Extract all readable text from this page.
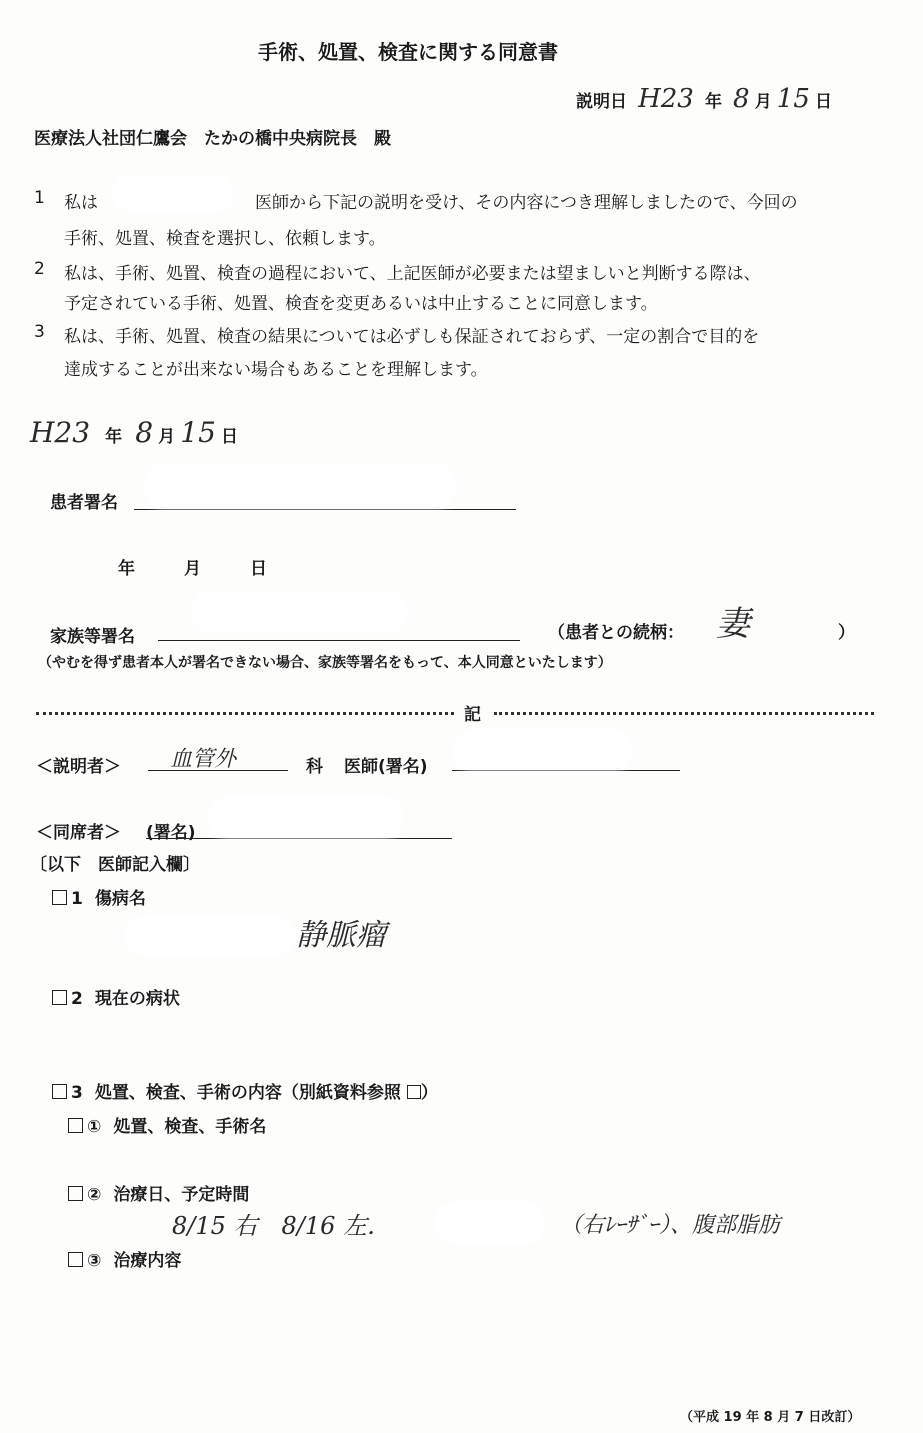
手術、処置、検査に関する同意書
説明日 H23 年 8 月 15 日
医療法人社団仁鷹会　たかの橋中央病院長　殿
1 私は	医師から下記の説明を受け、その内容につき理解しましたので、今回の
手術、処置、検査を選択し、依頼します。
2 私は、手術、処置、検査の過程において、上記医師が必要または望ましいと判断する際は、
予定されている手術、処置、検査を変更あるいは中止することに同意します。
3 私は、手術、処置、検査の結果については必ずしも保証されておらず、一定の割合で目的を
達成することが出来ない場合もあることを理解します。
H23 年 8 月 15 日
患者署名
年	月	日
家族等署名	（患者との続柄： 妻	）
（やむを得ず患者本人が署名できない場合、家族等署名をもって、本人同意といたします）
記
＜説明者＞ 血管外	科 医師(署名)
＜同席者＞ (署名)
〔以下　医師記入欄〕
1 傷病名
静脈瘤
2 現在の病状
3 処置、検査、手術の内容（別紙資料参照 ）
① 処置、検査、手術名
② 治療日、予定時間
8/15 右　8/16 左．	（右ﾚｰｻﾞｰ）、腹部脂肪
③ 治療内容
（平成 19 年 8 月 7 日改訂）
